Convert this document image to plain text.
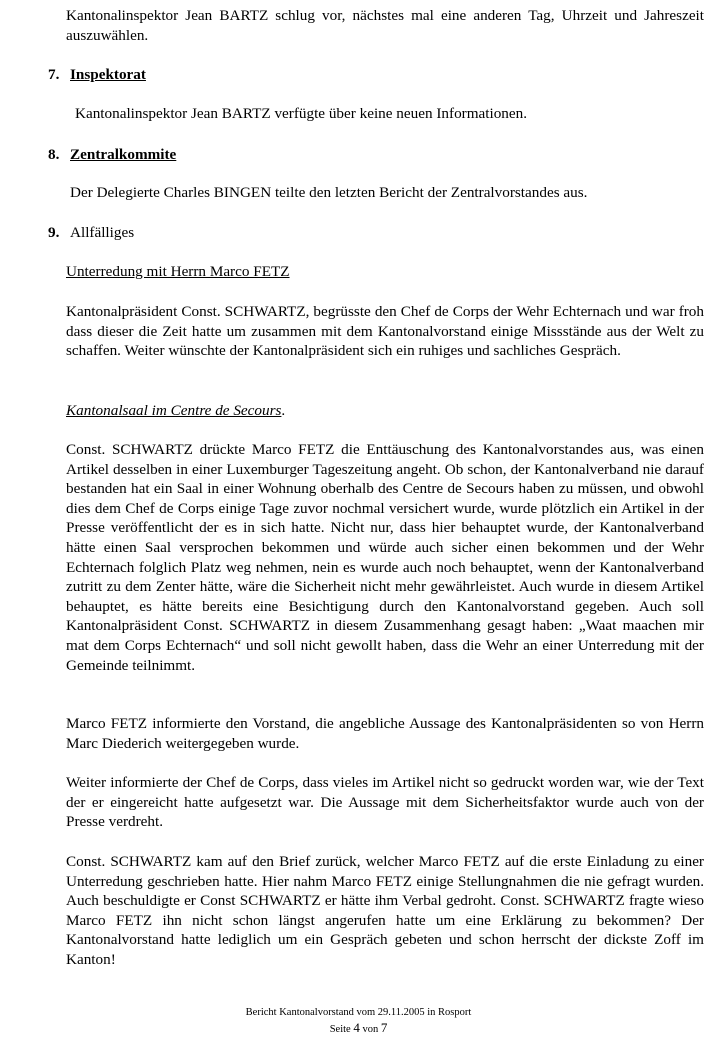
Kantonalinspektor Jean BARTZ schlug vor, nächstes mal eine anderen Tag, Uhrzeit und Jahreszeit auszuwählen.

7. Inspektorat

Kantonalinspektor Jean BARTZ verfügte über keine neuen Informationen.

8. Zentralkommite

Der Delegierte Charles BINGEN teilte den letzten Bericht der Zentralvorstandes aus.

9. Allfälliges
Unterredung mit Herrn Marco FETZ

Kantonalpräsident Const. SCHWARTZ, begrüsste den Chef de Corps der Wehr Echternach und war froh dass dieser die Zeit hatte um zusammen mit dem Kantonalvorstand einige Missstände aus der Welt zu schaffen. Weiter wünschte der Kantonalpräsident sich ein ruhiges und sachliches Gespräch.

Kantonalsaal im Centre de Secours.

Const. SCHWARTZ drückte Marco FETZ die Enttäuschung des Kantonalvorstandes aus, was einen Artikel desselben in einer Luxemburger Tageszeitung angeht. Ob schon, der Kantonalverband nie darauf bestanden hat ein Saal in einer Wohnung oberhalb des Centre de Secours haben zu müssen, und obwohl dies dem Chef de Corps einige Tage zuvor nochmal versichert wurde, wurde plötzlich ein Artikel in der Presse veröffentlicht der es in sich hatte. Nicht nur, dass hier behauptet wurde, der Kantonalverband hätte einen Saal versprochen bekommen und würde auch sicher einen bekommen und der Wehr Echternach folglich Platz weg nehmen, nein es wurde auch noch behauptet, wenn der Kantonalverband zutritt zu dem Zenter hätte, wäre die Sicherheit nicht mehr gewährleistet. Auch wurde in diesem Artikel behauptet, es hätte bereits eine Besichtigung durch den Kantonalvorstand gegeben. Auch soll Kantonalpräsident Const. SCHWARTZ in diesem Zusammenhang gesagt haben: „Waat maachen mir mat dem Corps Echternach“ und soll nicht gewollt haben, dass die Wehr an einer Unterredung mit der Gemeinde teilnimmt.

Marco FETZ informierte den Vorstand, die angebliche Aussage des Kantonalpräsidenten so von Herrn Marc Diederich weitergegeben wurde.

Weiter informierte der Chef de Corps, dass vieles im Artikel nicht so gedruckt worden war, wie der Text der er eingereicht hatte aufgesetzt war. Die Aussage mit dem Sicherheitsfaktor wurde auch von der Presse verdreht.

Const. SCHWARTZ kam auf den Brief zurück, welcher Marco FETZ auf die erste Einladung zu einer Unterredung geschrieben hatte. Hier nahm Marco FETZ einige Stellungnahmen die nie gefragt wurden. Auch beschuldigte er Const SCHWARTZ er hätte ihm Verbal gedroht. Const. SCHWARTZ fragte wieso Marco FETZ ihn nicht schon längst angerufen hatte um eine Erklärung zu bekommen? Der Kantonalvorstand hatte lediglich um ein Gespräch gebeten und schon herrscht der dickste Zoff im Kanton!

Bericht Kantonalvorstand vom 29.11.2005 in Rosport
Seite 4 von 7
